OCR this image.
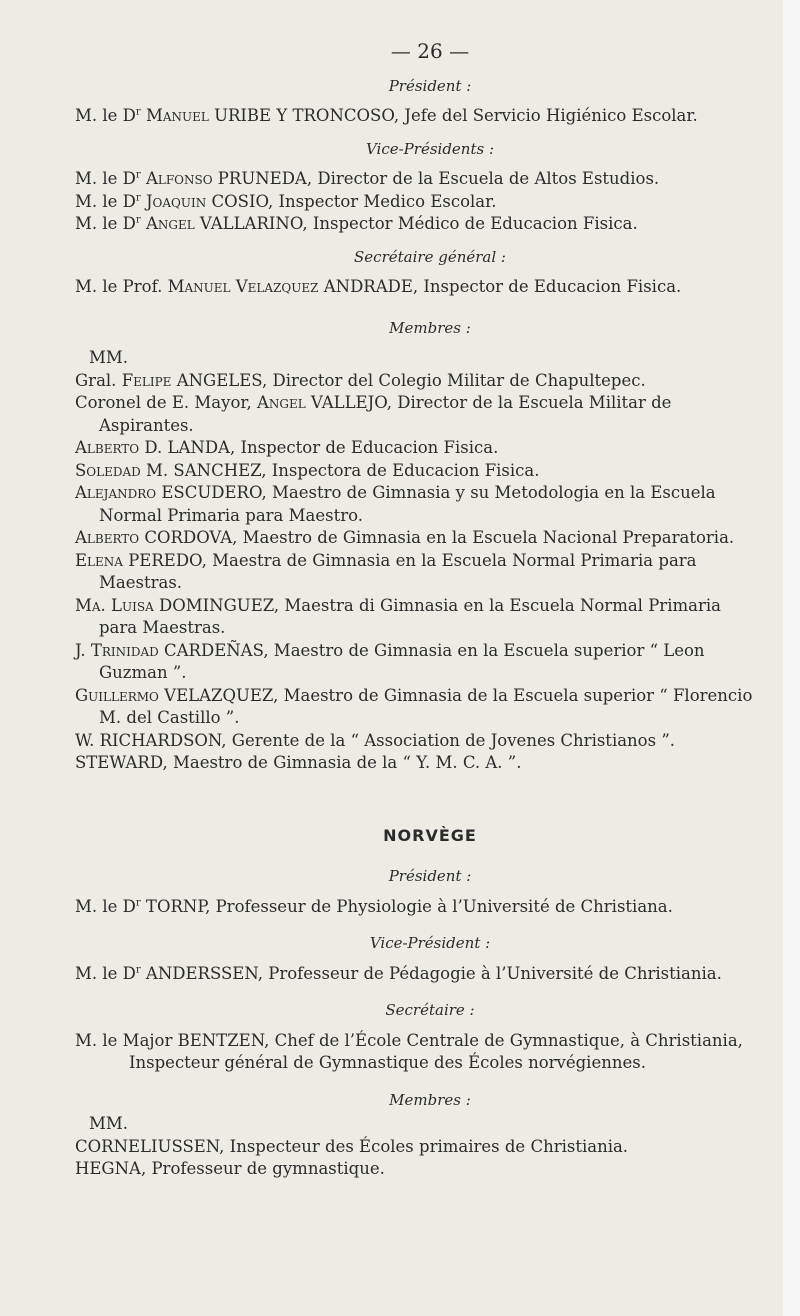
— 26 —
Président :
M. le $D^r$ Manuel URIBE Y TRONCOSO, Jefe del Servicio Higiénico Escolar.
Vice-Présidents :
M. le $D^r$ Alfonso PRUNEDA, Director de la Escuela de Altos Estudios.
M. le $D^r$ Joaquin COSIO, Inspector Medico Escolar.
M. le $D^r$ Angel VALLARINO, Inspector Médico de Educacion Fisica.
Secrétaire général :
M. le Prof. Manuel Velazquez ANDRADE, Inspector de Educacion Fisica.
Membres :
MM.
Gral. Felipe ANGELES, Director del Colegio Militar de Chapultepec.
Coronel de E. Mayor, Angel VALLEJO, Director de la Escuela Militar de Aspirantes.
Alberto D. LANDA, Inspector de Educacion Fisica.
Soledad M. SANCHEZ, Inspectora de Educacion Fisica.
Alejandro ESCUDERO, Maestro de Gimnasia y su Metodologia en la Escuela Normal Primaria para Maestro.
Alberto CORDOVA, Maestro de Gimnasia en la Escuela Nacional Preparatoria.
Elena PEREDO, Maestra de Gimnasia en la Escuela Normal Primaria para Maestras.
Ma. Luisa DOMINGUEZ, Maestra di Gimnasia en la Escuela Normal Primaria para Maestras.
J. Trinidad CARDEÑAS, Maestro de Gimnasia en la Escuela superior “ Leon Guzman ”.
Guillermo VELAZQUEZ, Maestro de Gimnasia de la Escuela superior “ Florencio M. del Castillo ”.
W. RICHARDSON, Gerente de la “ Association de Jovenes Christianos ”.
STEWARD, Maestro de Gimnasia de la “ Y. M. C. A. ”.
NORVÈGE
Président :
M. le $D^r$ TORNP, Professeur de Physiologie à l’Université de Christiana.
Vice-Président :
M. le $D^r$ ANDERSSEN, Professeur de Pédagogie à l’Université de Christiania.
Secrétaire :
M. le Major BENTZEN, Chef de l’École Centrale de Gymnastique, à Christiania, Inspecteur général de Gymnastique des Écoles norvégiennes.
Membres :
MM.
CORNELIUSSEN, Inspecteur des Écoles primaires de Christiania.
HEGNA, Professeur de gymnastique.
